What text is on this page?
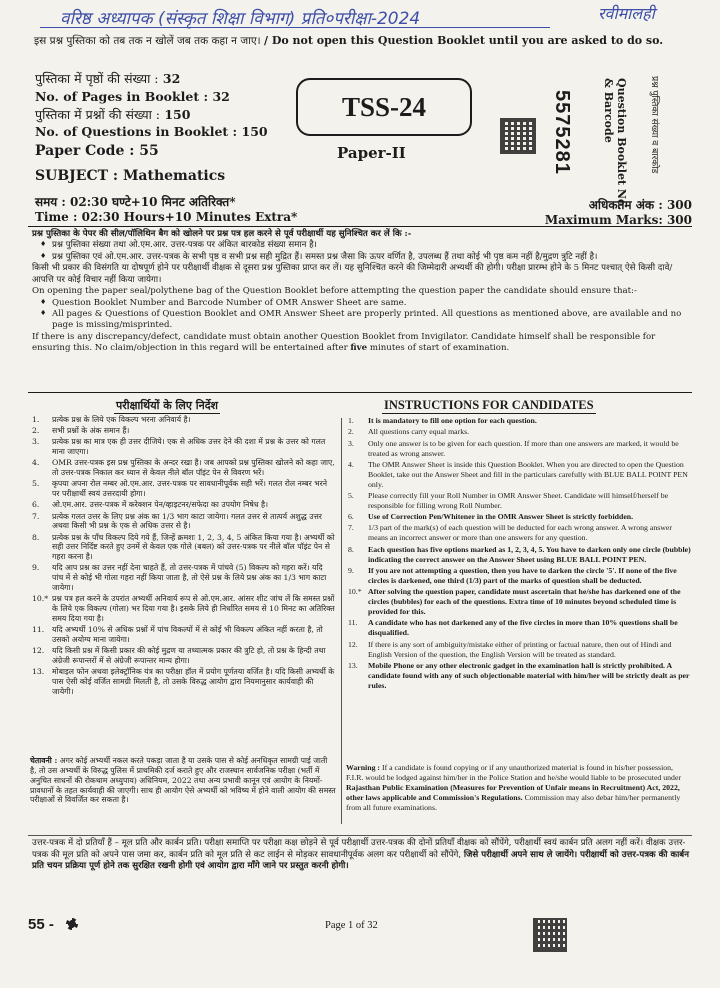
वरिष्ठ अध्यापक (संस्कृत शिक्षा विभाग) प्रति०परीक्षा-2024	रवीमालही
इस प्रश्न पुस्तिका को तब तक न खोलें जब तक कहा न जाए। / Do not open this Question Booklet until you are asked to do so.
पुस्तिका में पृष्ठों की संख्या : 32
No. of Pages in Booklet : 32
पुस्तिका में प्रश्नों की संख्या : 150
No. of Questions in Booklet : 150
Paper Code : 55
SUBJECT : Mathematics
समय : 02:30 घण्टे+10 मिनट अतिरिक्त*
Time : 02:30 Hours+10 Minutes Extra*
TSS-24
Paper-II	5575281	Question Booklet No.
& Barcode	प्रश्न पुस्तिका संख्या व बारकोड
अधिकतम अंक : 300
Maximum Marks: 300

प्रश्न पुस्तिका के पेपर की सील/पॉलिथिन बैग को खोलने पर प्रश्न पत्र हल करने से पूर्व परीक्षार्थी यह सुनिश्चित कर लें कि :-

♦ प्रश्न पुस्तिका संख्या तथा ओ.एम.आर. उत्तर-पत्रक पर अंकित बारकोड संख्या समान है।

♦ प्रश्न पुस्तिका एवं ओ.एम.आर. उत्तर-पत्रक के सभी पृष्ठ व सभी प्रश्न सही मुद्रित हैं। समस्त प्रश्न जैसा कि ऊपर वर्णित है, उपलब्ध हैं तथा कोई भी पृष्ठ कम नहीं है/मुद्रण त्रुटि नहीं है।

किसी भी प्रकार की विसंगति या दोषपूर्ण होने पर परीक्षार्थी वीक्षक से दूसरा प्रश्न पुस्तिका प्राप्त कर लें। यह सुनिश्चित करने की जिम्मेदारी अभ्यर्थी की होगी। परीक्षा प्रारम्भ होने के 5 मिनट पश्चात् ऐसे किसी दावे/आपत्ति पर कोई विचार नहीं किया जायेगा।

On opening the paper seal/polythene bag of the Question Booklet before attempting the question paper the candidate should ensure that:-

♦ Question Booklet Number and Barcode Number of OMR Answer Sheet are same.

♦ All pages & Questions of Question Booklet and OMR Answer Sheet are properly printed. All questions as mentioned above, are available and no page is missing/misprinted.

If there is any discrepancy/defect, candidate must obtain another Question Booklet from Invigilator. Candidate himself shall be responsible for ensuring this. No claim/objection in this regard will be entertained after five minutes of start of examination.

परीक्षार्थियों के लिए निर्देश	INSTRUCTIONS FOR CANDIDATES
1. प्रत्येक प्रश्न के लिये एक विकल्प भरना अनिवार्य है।
2. सभी प्रश्नों के अंक समान हैं।
3. प्रत्येक प्रश्न का मात्र एक ही उत्तर दीजिये। एक से अधिक उत्तर देने की दशा में प्रश्न के उत्तर को गलत माना जाएगा।
4. OMR उत्तर-पत्रक इस प्रश्न पुस्तिका के अन्दर रखा है। जब आपको प्रश्न पुस्तिका खोलने को कहा जाए, तो उत्तर-पत्रक निकाल कर ध्यान से केवल नीले बॉल पॉइंट पेन से विवरण भरें।
5. कृपया अपना रोल नम्बर ओ.एम.आर. उत्तर-पत्रक पर सावधानीपूर्वक सही भरें। गलत रोल नम्बर भरने पर परीक्षार्थी स्वयं उत्तरदायी होगा।
6. ओ.एम.आर. उत्तर-पत्रक में करेक्शन पेन/व्हाइटनर/सफेदा का उपयोग निषेध है।
7. प्रत्येक गलत उत्तर के लिए प्रश्न अंक का 1/3 भाग काटा जायेगा। गलत उत्तर से तात्पर्य अशुद्ध उत्तर अथवा किसी भी प्रश्न के एक से अधिक उत्तर से है।
8. प्रत्येक प्रश्न के पाँच विकल्प दिये गये हैं, जिन्हें क्रमशः 1, 2, 3, 4, 5 अंकित किया गया है। अभ्यर्थी को सही उत्तर निर्दिष्ट करते हुए उनमें से केवल एक गोले (बबल) को उत्तर-पत्रक पर नीले बॉल पॉइंट पेन से गहरा करना है।
9. यदि आप प्रश्न का उत्तर नहीं देना चाहते हैं, तो उत्तर-पत्रक में पांचवे (5) विकल्प को गहरा करें। यदि पांच में से कोई भी गोला गहरा नहीं किया जाता है, तो ऐसे प्रश्न के लिये प्रश्न अंक का 1/3 भाग काटा जायेगा।
10.* प्रश्न पत्र हल करने के उपरांत अभ्यर्थी अनिवार्य रूप से ओ.एम.आर. आंसर शीट जांच लें कि समस्त प्रश्नों के लिये एक विकल्प (गोला) भर दिया गया है। इसके लिये ही निर्धारित समय से 10 मिनट का अतिरिक्त समय दिया गया है।
11. यदि अभ्यर्थी 10% से अधिक प्रश्नों में पांच विकल्पों में से कोई भी विकल्प अंकित नहीं करता है, तो उसको अयोग्य माना जायेगा।
12. यदि किसी प्रश्न में किसी प्रकार की कोई मुद्रण या तथ्यात्मक प्रकार की त्रुटि हो, तो प्रश्न के हिन्दी तथा अंग्रेजी रूपान्तरों में से अंग्रेजी रूपान्तर मान्य होगा।
13. मोबाइल फोन अथवा इलेक्ट्रॉनिक यंत्र का परीक्षा हॉल में प्रयोग पूर्णतया वर्जित है। यदि किसी अभ्यर्थी के पास ऐसी कोई वर्जित सामग्री मिलती है, तो उसके विरुद्ध आयोग द्वारा नियमानुसार कार्यवाही की जायेगी।
1. It is mandatory to fill one option for each question.
2. All questions carry equal marks.
3. Only one answer is to be given for each question. If more than one answers are marked, it would be treated as wrong answer.
4. The OMR Answer Sheet is inside this Question Booklet. When you are directed to open the Question Booklet, take out the Answer Sheet and fill in the particulars carefully with BLUE BALL POINT PEN only.
5. Please correctly fill your Roll Number in OMR Answer Sheet. Candidate will himself/herself be responsible for filling wrong Roll Number.
6. Use of Correction Pen/Whitener in the OMR Answer Sheet is strictly forbidden.
7. 1/3 part of the mark(s) of each question will be deducted for each wrong answer. A wrong answer means an incorrect answer or more than one answers for any question.
8. Each question has five options marked as 1, 2, 3, 4, 5. You have to darken only one circle (bubble) indicating the correct answer on the Answer Sheet using BLUE BALL POINT PEN.
9. If you are not attempting a question, then you have to darken the circle '5'. If none of the five circles is darkened, one third (1/3) part of the marks of question shall be deducted.
10.* After solving the question paper, candidate must ascertain that he/she has darkened one of the circles (bubbles) for each of the questions. Extra time of 10 minutes beyond scheduled time is provided for this.
11. A candidate who has not darkened any of the five circles in more than 10% questions shall be disqualified.
12. If there is any sort of ambiguity/mistake either of printing or factual nature, then out of Hindi and English Version of the question, the English Version will be treated as standard.
13. Mobile Phone or any other electronic gadget in the examination hall is strictly prohibited. A candidate found with any of such objectionable material with him/her will be strictly dealt as per rules.
चेतावनी : अगर कोई अभ्यर्थी नकल करते पकड़ा जाता है या उसके पास से कोई अनधिकृत सामग्री पाई जाती है, तो उस अभ्यर्थी के विरुद्ध पुलिस में प्राथमिकी दर्ज कराते हुए और राजस्थान सार्वजनिक परीक्षा (भर्ती में अनुचित साधनों की रोकथाम अध्युपाय) अधिनियम, 2022 तथा अन्य प्रभावी कानून एवं आयोग के नियमों-प्रावधानों के तहत कार्यवाही की जाएगी। साथ ही आयोग ऐसे अभ्यर्थी को भविष्य में होने वाली आयोग की समस्त परीक्षाओं से विवर्जित कर सकता है।
Warning : If a candidate is found copying or if any unauthorized material is found in his/her possession, F.I.R. would be lodged against him/her in the Police Station and he/she would liable to be prosecuted under Rajasthan Public Examination (Measures for Prevention of Unfair means in Recruitment) Act, 2022, other laws applicable and Commission's Regulations. Commission may also debar him/her permanently from all future examinations.
उत्तर-पत्रक में दो प्रतियाँ हैं – मूल प्रति और कार्बन प्रति। परीक्षा समाप्ति पर परीक्षा कक्ष छोड़ने से पूर्व परीक्षार्थी उत्तर-पत्रक की दोनों प्रतियाँ वीक्षक को सौंपेंगे, परीक्षार्थी स्वयं कार्बन प्रति अलग नहीं करें। वीक्षक उत्तर-पत्रक की मूल प्रति को अपने पास जमा कर, कार्बन प्रति को मूल प्रति से कट लाईन से मोड़कर सावधानीपूर्वक अलग कर परीक्षार्थी को सौंपेंगे, जिसे परीक्षार्थी अपने साथ ले जायेंगे। परीक्षार्थी को उत्तर-पत्रक की कार्बन प्रति चयन प्रक्रिया पूर्ण होने तक सुरक्षित रखनी होगी एवं आयोग द्वारा माँगे जाने पर प्रस्तुत करनी होगी।
55 -	Page 1 of 32
